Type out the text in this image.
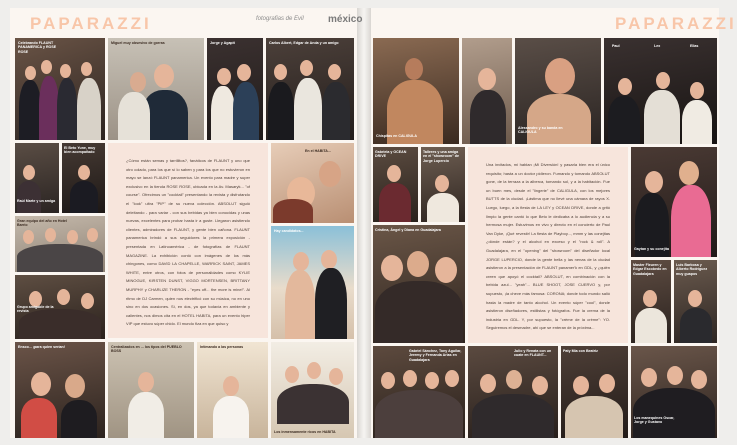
PAPARAZZI	fotografias de Evil méxico
Celebrando FLAUNT PANAMERICA y ROSE ROSE
Miguel muy obsesivo de gorras	Jorge y Agapit	Carlos Albert, Edgar de Anda y un amigo
Raúl Marte y un amiga
El Beto Yune, muy bien acompañado
Gran equipo del año en Hotel Barrio
Grupo amigable de la revista

¿Cómo están semas y tarrillitos?, fanáticos de FLAUNT y uno que otro colado, para los que sí lo saben y para los que no estuvieron en mayo se lanzó FLAUNT panamerica. Un evento para madre y super exclusivo en la tienda ROSE ROSE, ubicada en la Av. Masaryk... "of course". Ofrecimos un "cocktail" presentando la revista y disfrutando el "look" ultra "PIP" de su nueva colección. ABSOLUT siguió deleitando - para variar - con sus bebidas ya bien conocidas y unas nuevas, excelentes para probar hasta ir a guste. Llegaron asistiendo clientes, admiradores de FLAUNT, y gente bien cañona. FLAUNT panamerica brindó a sus seguidores la primera exposición - presentada en Latinoamérica - de fotografías de FLAUNT MAGAZINE. La exhibición contó con imágenes de los más chingones, como DAVID LA CHAPELLE, WARRICK SAINT, JAMES WHITE, entre otros, con fotos de personalidades como KYLIE MINOGUE, KIRSTEN DUNST, VIGGO MORTENSEN, BRITTANY MURPHY y CHARLIZE THERON - "eyes off... the more is mine!". Al ritmo de DJ Carmen, quien nos electrificó con su música, no en uno sino en dos ocasiones. Sí, en dos, ya que todavía en ambiente y calientes, nos dimos cita en el HOTEL HABITA, para un evento hiper VIP que estuvo súper chido. El mundo fiza en que quiso y

En el HABITA...
Hay candidatos...
Ensco... ¡para quien serían!	Centralizados en ... los tipos del PUEBLO BOSS
Intimando a las personas
Los inmensamente ricos en HABITA
PAPARAZZI
Chispitas en CALIGULA
Alessandro y su banda en CALIGULA
Paul	Lex	Ellas
Gabriela y OCEAN DRIVE
Talleres y una amiga en el "showroom" de Jorge Lupercio
Cristina, Ángel y Diana en Guadalajara

Una invitados, mi hablan ¡Mi Diversión! y pasarla bien era el único requisito; hasta a un doctor pidieron. Fumando y tomando ABSOLUT gone, de la terraza a la alberca, tomando sol, y a la habitación. Fue un buen mes, desde el "lingerie" de CALIGULA, con los mejores BUTTS de la ciudad. ¡Lástima que no llevé una cámara de rayos X. Luego, luego, a la fiesta de LA LEY y OCEAN DRIVE, donde a gritó limpio la gente cantó lo que Beto le dedicaba a lo audiencia y a su hermosa mujer. Estuvimos en vivo y directo en el concierto de Paul Van Dyke, ¡Qué revestir! La fiesta de Playboy..., mmm y las conejitas ¿dónde están? y el alcohol en exceso y el "rock & roll". A Guadalajara, en el "opening" del "showroom" del diseñador local JORGE LUPERCIO, donde la gente bella y las nenas de la ciudad asistieron a la presentación de FLAUNT panamer'k en GDL, y ¿quién creen que apoyó el cocktail? ABSOLUT, en combinación con la bebida azul... "yeah"... BLUE SHOOT, JOSE CUERVO y, por supuesto, ¡la cheve más famosa: CORONA; donde todo mundo salió hasta la madre de tanto alcohol. Un evento súper "cool", donde asistieron diseñadores, estilistas y fotógrafos. Fue la crema de la industria en GDL. Y, por supuesto, la "crème de la crème": YO. Seguiremos el desmadre, ahí que se enteran de la próxima...

Gaytan y su conejita
Master Fleuren y Edgar Escobedo en Guadalajara
Luis Barbosa y Alberto Rodríguez muy guapos
Gabriel Sánchez, Tony Aguilar, Jeremy y Fernanda Arias en Guadalajara
Julio y Renata con un cuate en FLAUNT...
Paty Mia con Beatriz
Los manequines Oscar, Jorge y Gustavo
